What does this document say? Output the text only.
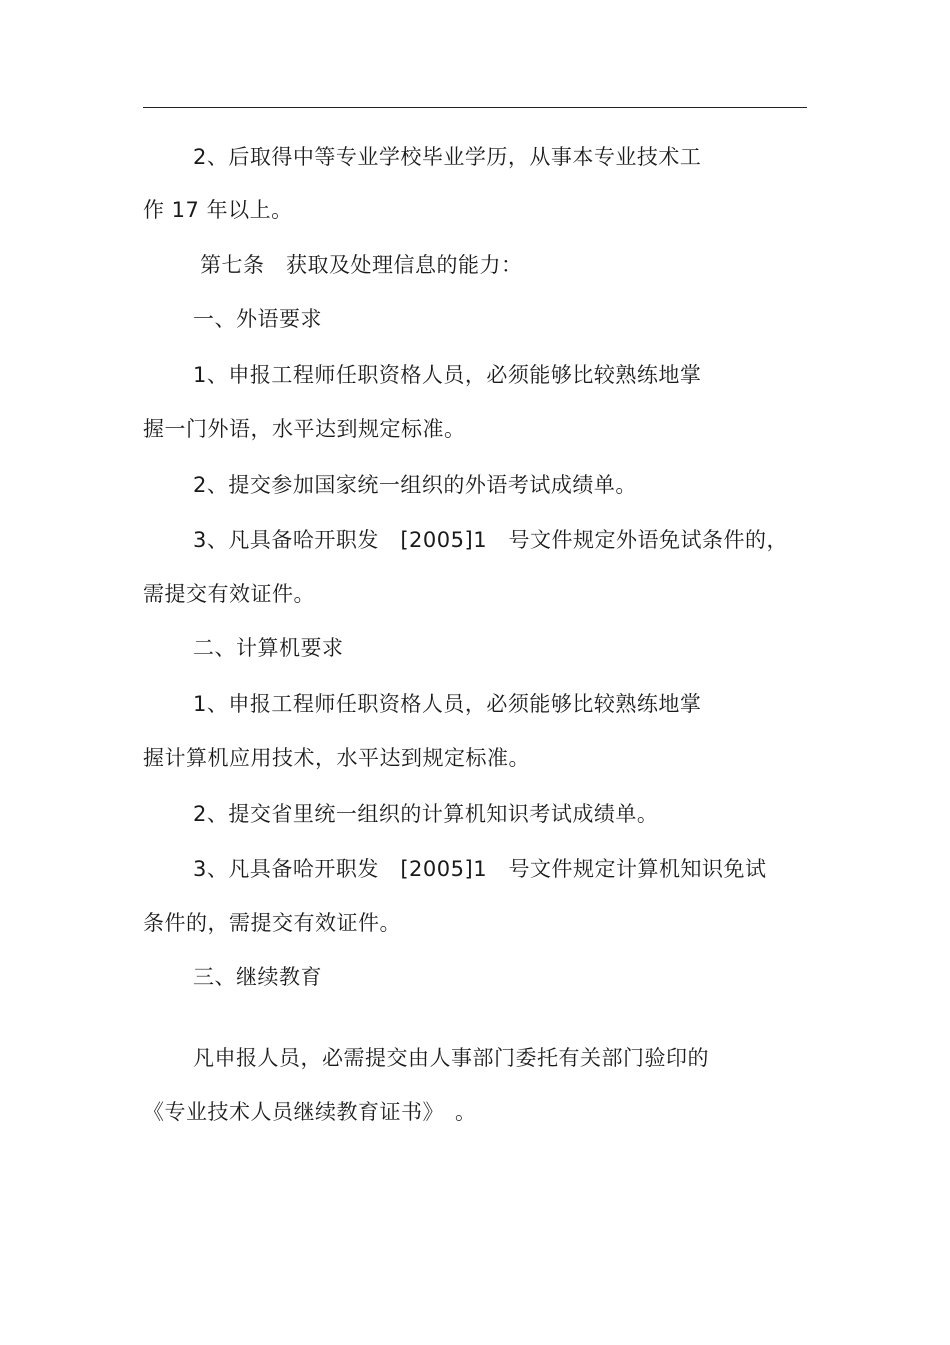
2、后取得中等专业学校毕业学历，从事本专业技术工
作 17 年以上。
第七条　获取及处理信息的能力：
一、外语要求
1、申报工程师任职资格人员，必须能够比较熟练地掌
握一门外语，水平达到规定标准。
2、提交参加国家统一组织的外语考试成绩单。
3、凡具备哈开职发　[2005]1　号文件规定外语免试条件的，
需提交有效证件。
二、计算机要求
1、申报工程师任职资格人员，必须能够比较熟练地掌
握计算机应用技术，水平达到规定标准。
2、提交省里统一组织的计算机知识考试成绩单。
3、凡具备哈开职发　[2005]1　号文件规定计算机知识免试
条件的，需提交有效证件。
三、继续教育
凡申报人员，必需提交由人事部门委托有关部门验印的
《专业技术人员继续教育证书》　。
